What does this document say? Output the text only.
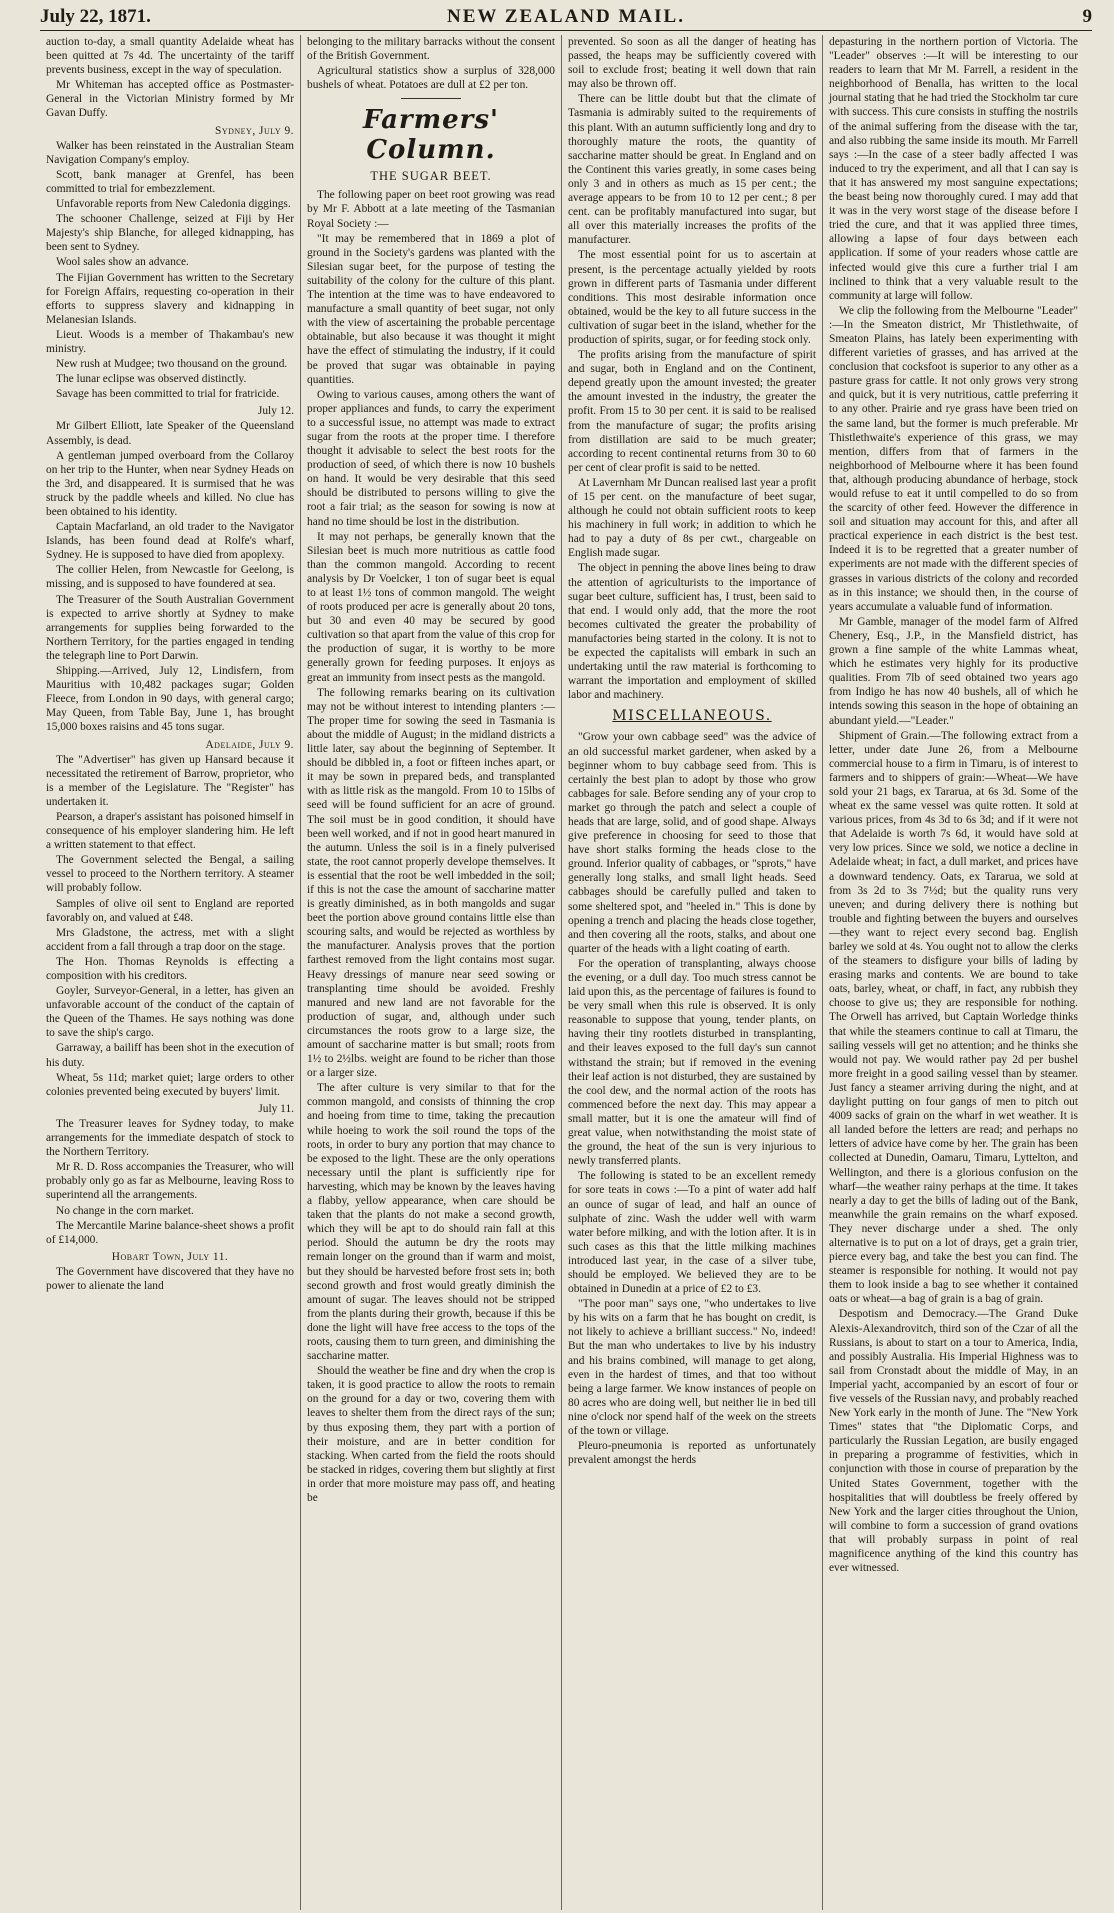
July 22, 1871.	NEW ZEALAND MAIL.	9

auction to-day, a small quantity Adelaide wheat has been quitted at 7s 4d. The uncertainty of the tariff prevents business, except in the way of speculation.

Mr Whiteman has accepted office as Postmaster-General in the Victorian Ministry formed by Mr Gavan Duffy.

Sydney, July 9.

Walker has been reinstated in the Australian Steam Navigation Company's employ.

Scott, bank manager at Grenfel, has been committed to trial for embezzlement.

Unfavorable reports from New Caledonia diggings.

The schooner Challenge, seized at Fiji by Her Majesty's ship Blanche, for alleged kidnapping, has been sent to Sydney.

Wool sales show an advance.

The Fijian Government has written to the Secretary for Foreign Affairs, requesting co-operation in their efforts to suppress slavery and kidnapping in Melanesian Islands.

Lieut. Woods is a member of Thakambau's new ministry.

New rush at Mudgee; two thousand on the ground.

The lunar eclipse was observed distinctly.

Savage has been committed to trial for fratricide.

July 12.

Mr Gilbert Elliott, late Speaker of the Queensland Assembly, is dead.

A gentleman jumped overboard from the Collaroy on her trip to the Hunter, when near Sydney Heads on the 3rd, and disappeared. It is surmised that he was struck by the paddle wheels and killed. No clue has been obtained to his identity.

Captain Macfarland, an old trader to the Navigator Islands, has been found dead at Rolfe's wharf, Sydney. He is supposed to have died from apoplexy.

The collier Helen, from Newcastle for Geelong, is missing, and is supposed to have foundered at sea.

The Treasurer of the South Australian Government is expected to arrive shortly at Sydney to make arrangements for supplies being forwarded to the Northern Territory, for the parties engaged in tending the telegraph line to Port Darwin.

Shipping.—Arrived, July 12, Lindisfern, from Mauritius with 10,482 packages sugar; Golden Fleece, from London in 90 days, with general cargo; May Queen, from Table Bay, June 1, has brought 15,000 boxes raisins and 45 tons sugar.

Adelaide, July 9.

The "Advertiser" has given up Hansard because it necessitated the retirement of Barrow, proprietor, who is a member of the Legislature. The "Register" has undertaken it.

Pearson, a draper's assistant has poisoned himself in consequence of his employer slandering him. He left a written statement to that effect.

The Government selected the Bengal, a sailing vessel to proceed to the Northern territory. A steamer will probably follow.

Samples of olive oil sent to England are reported favorably on, and valued at £48.

Mrs Gladstone, the actress, met with a slight accident from a fall through a trap door on the stage.

The Hon. Thomas Reynolds is effecting a composition with his creditors.

Goyler, Surveyor-General, in a letter, has given an unfavorable account of the conduct of the captain of the Queen of the Thames. He says nothing was done to save the ship's cargo.

Garraway, a bailiff has been shot in the execution of his duty.

Wheat, 5s 11d; market quiet; large orders to other colonies prevented being executed by buyers' limit.

July 11.

The Treasurer leaves for Sydney today, to make arrangements for the immediate despatch of stock to the Northern Territory.

Mr R. D. Ross accompanies the Treasurer, who will probably only go as far as Melbourne, leaving Ross to superintend all the arrangements.

No change in the corn market.

The Mercantile Marine balance-sheet shows a profit of £14,000.

Hobart Town, July 11.

The Government have discovered that they have no power to alienate the land

belonging to the military barracks without the consent of the British Government.

Agricultural statistics show a surplus of 328,000 bushels of wheat. Potatoes are dull at £2 per ton.

Farmers' Column.
THE SUGAR BEET.

The following paper on beet root growing was read by Mr F. Abbott at a late meeting of the Tasmanian Royal Society :—

"It may be remembered that in 1869 a plot of ground in the Society's gardens was planted with the Silesian sugar beet, for the purpose of testing the suitability of the colony for the culture of this plant. The intention at the time was to have endeavored to manufacture a small quantity of beet sugar, not only with the view of ascertaining the probable percentage obtainable, but also because it was thought it might have the effect of stimulating the industry, if it could be proved that sugar was obtainable in paying quantities.

Owing to various causes, among others the want of proper appliances and funds, to carry the experiment to a successful issue, no attempt was made to extract sugar from the roots at the proper time. I therefore thought it advisable to select the best roots for the production of seed, of which there is now 10 bushels on hand. It would be very desirable that this seed should be distributed to persons willing to give the root a fair trial; as the season for sowing is now at hand no time should be lost in the distribution.

It may not perhaps, be generally known that the Silesian beet is much more nutritious as cattle food than the common mangold. According to recent analysis by Dr Voelcker, 1 ton of sugar beet is equal to at least 1½ tons of common mangold. The weight of roots produced per acre is generally about 20 tons, but 30 and even 40 may be secured by good cultivation so that apart from the value of this crop for the production of sugar, it is worthy to be more generally grown for feeding purposes. It enjoys as great an immunity from insect pests as the mangold.

The following remarks bearing on its cultivation may not be without interest to intending planters :—The proper time for sowing the seed in Tasmania is about the middle of August; in the midland districts a little later, say about the beginning of September. It should be dibbled in, a foot or fifteen inches apart, or it may be sown in prepared beds, and transplanted with as little risk as the mangold. From 10 to 15lbs of seed will be found sufficient for an acre of ground. The soil must be in good condition, it should have been well worked, and if not in good heart manured in the autumn. Unless the soil is in a finely pulverised state, the root cannot properly develope themselves. It is essential that the root be well imbedded in the soil; if this is not the case the amount of saccharine matter is greatly diminished, as in both mangolds and sugar beet the portion above ground contains little else than scouring salts, and would be rejected as worthless by the manufacturer. Analysis proves that the portion farthest removed from the light contains most sugar. Heavy dressings of manure near seed sowing or transplanting time should be avoided. Freshly manured and new land are not favorable for the production of sugar, and, although under such circumstances the roots grow to a large size, the amount of saccharine matter is but small; roots from 1½ to 2½lbs. weight are found to be richer than those or a larger size.

The after culture is very similar to that for the common mangold, and consists of thinning the crop and hoeing from time to time, taking the precaution while hoeing to work the soil round the tops of the roots, in order to bury any portion that may chance to be exposed to the light. These are the only operations necessary until the plant is sufficiently ripe for harvesting, which may be known by the leaves having a flabby, yellow appearance, when care should be taken that the plants do not make a second growth, which they will be apt to do should rain fall at this period. Should the autumn be dry the roots may remain longer on the ground than if warm and moist, but they should be harvested before frost sets in; both second growth and frost would greatly diminish the amount of sugar. The leaves should not be stripped from the plants during their growth, because if this be done the light will have free access to the tops of the roots, causing them to turn green, and diminishing the saccharine matter.

Should the weather be fine and dry when the crop is taken, it is good practice to allow the roots to remain on the ground for a day or two, covering them with leaves to shelter them from the direct rays of the sun; by thus exposing them, they part with a portion of their moisture, and are in better condition for stacking. When carted from the field the roots should be stacked in ridges, covering them but slightly at first in order that more moisture may pass off, and heating be

prevented. So soon as all the danger of heating has passed, the heaps may be sufficiently covered with soil to exclude frost; beating it well down that rain may also be thrown off.

There can be little doubt but that the climate of Tasmania is admirably suited to the requirements of this plant. With an autumn sufficiently long and dry to thoroughly mature the roots, the quantity of saccharine matter should be great. In England and on the Continent this varies greatly, in some cases being only 3 and in others as much as 15 per cent.; the average appears to be from 10 to 12 per cent.; 8 per cent. can be profitably manufactured into sugar, but all over this materially increases the profits of the manufacturer.

The most essential point for us to ascertain at present, is the percentage actually yielded by roots grown in different parts of Tasmania under different conditions. This most desirable information once obtained, would be the key to all future success in the cultivation of sugar beet in the island, whether for the production of spirits, sugar, or for feeding stock only.

The profits arising from the manufacture of spirit and sugar, both in England and on the Continent, depend greatly upon the amount invested; the greater the amount invested in the industry, the greater the profit. From 15 to 30 per cent. it is said to be realised from the manufacture of sugar; the profits arising from distillation are said to be much greater; according to recent continental returns from 30 to 60 per cent of clear profit is said to be netted.

At Lavernham Mr Duncan realised last year a profit of 15 per cent. on the manufacture of beet sugar, although he could not obtain sufficient roots to keep his machinery in full work; in addition to which he had to pay a duty of 8s per cwt., chargeable on English made sugar.

The object in penning the above lines being to draw the attention of agriculturists to the importance of sugar beet culture, sufficient has, I trust, been said to that end. I would only add, that the more the root becomes cultivated the greater the probability of manufactories being started in the colony. It is not to be expected the capitalists will embark in such an undertaking until the raw material is forthcoming to warrant the importation and employment of skilled labor and machinery.

MISCELLANEOUS.

"Grow your own cabbage seed" was the advice of an old successful market gardener, when asked by a beginner whom to buy cabbage seed from. This is certainly the best plan to adopt by those who grow cabbages for sale. Before sending any of your crop to market go through the patch and select a couple of heads that are large, solid, and of good shape. Always give preference in choosing for seed to those that have short stalks forming the heads close to the ground. Inferior quality of cabbages, or "sprots," have generally long stalks, and small light heads. Seed cabbages should be carefully pulled and taken to some sheltered spot, and "heeled in." This is done by opening a trench and placing the heads close together, and then covering all the roots, stalks, and about one quarter of the heads with a light coating of earth.

For the operation of transplanting, always choose the evening, or a dull day. Too much stress cannot be laid upon this, as the percentage of failures is found to be very small when this rule is observed. It is only reasonable to suppose that young, tender plants, on having their tiny rootlets disturbed in transplanting, and their leaves exposed to the full day's sun cannot withstand the strain; but if removed in the evening their leaf action is not disturbed, they are sustained by the cool dew, and the normal action of the roots has commenced before the next day. This may appear a small matter, but it is one the amateur will find of great value, when notwithstanding the moist state of the ground, the heat of the sun is very injurious to newly transferred plants.

The following is stated to be an excellent remedy for sore teats in cows :—To a pint of water add half an ounce of sugar of lead, and half an ounce of sulphate of zinc. Wash the udder well with warm water before milking, and with the lotion after. It is in such cases as this that the little milking machines introduced last year, in the case of a silver tube, should be employed. We believed they are to be obtained in Dunedin at a price of £2 to £3.

"The poor man" says one, "who undertakes to live by his wits on a farm that he has bought on credit, is not likely to achieve a brilliant success." No, indeed! But the man who undertakes to live by his industry and his brains combined, will manage to get along, even in the hardest of times, and that too without being a large farmer. We know instances of people on 80 acres who are doing well, but neither lie in bed till nine o'clock nor spend half of the week on the streets of the town or village.

Pleuro-pneumonia is reported as unfortunately prevalent amongst the herds

depasturing in the northern portion of Victoria. The "Leader" observes :—It will be interesting to our readers to learn that Mr M. Farrell, a resident in the neighborhood of Benalla, has written to the local journal stating that he had tried the Stockholm tar cure with success. This cure consists in stuffing the nostrils of the animal suffering from the disease with the tar, and also rubbing the same inside its mouth. Mr Farrell says :—In the case of a steer badly affected I was induced to try the experiment, and all that I can say is that it has answered my most sanguine expectations; the beast being now thoroughly cured. I may add that it was in the very worst stage of the disease before I tried the cure, and that it was applied three times, allowing a lapse of four days between each application. If some of your readers whose cattle are infected would give this cure a further trial I am inclined to think that a very valuable result to the community at large will follow.

We clip the following from the Melbourne "Leader" :—In the Smeaton district, Mr Thistlethwaite, of Smeaton Plains, has lately been experimenting with different varieties of grasses, and has arrived at the conclusion that cocksfoot is superior to any other as a pasture grass for cattle. It not only grows very strong and quick, but it is very nutritious, cattle preferring it to any other. Prairie and rye grass have been tried on the same land, but the former is much preferable. Mr Thistlethwaite's experience of this grass, we may mention, differs from that of farmers in the neighborhood of Melbourne where it has been found that, although producing abundance of herbage, stock would refuse to eat it until compelled to do so from the scarcity of other feed. However the difference in soil and situation may account for this, and after all practical experience in each district is the best test. Indeed it is to be regretted that a greater number of experiments are not made with the different species of grasses in various districts of the colony and recorded as in this instance; we should then, in the course of years accumulate a valuable fund of information.

Mr Gamble, manager of the model farm of Alfred Chenery, Esq., J.P., in the Mansfield district, has grown a fine sample of the white Lammas wheat, which he estimates very highly for its productive qualities. From 7lb of seed obtained two years ago from Indigo he has now 40 bushels, all of which he intends sowing this season in the hope of obtaining an abundant yield.—"Leader."

Shipment of Grain.—The following extract from a letter, under date June 26, from a Melbourne commercial house to a firm in Timaru, is of interest to farmers and to shippers of grain:—Wheat—We have sold your 21 bags, ex Tararua, at 6s 3d. Some of the wheat ex the same vessel was quite rotten. It sold at various prices, from 4s 3d to 6s 3d; and if it were not that Adelaide is worth 7s 6d, it would have sold at very low prices. Since we sold, we notice a decline in Adelaide wheat; in fact, a dull market, and prices have a downward tendency. Oats, ex Tararua, we sold at from 3s 2d to 3s 7½d; but the quality runs very uneven; and during delivery there is nothing but trouble and fighting between the buyers and ourselves—they want to reject every second bag. English barley we sold at 4s. You ought not to allow the clerks of the steamers to disfigure your bills of lading by erasing marks and contents. We are bound to take oats, barley, wheat, or chaff, in fact, any rubbish they choose to give us; they are responsible for nothing. The Orwell has arrived, but Captain Worledge thinks that while the steamers continue to call at Timaru, the sailing vessels will get no attention; and he thinks she would not pay. We would rather pay 2d per bushel more freight in a good sailing vessel than by steamer. Just fancy a steamer arriving during the night, and at daylight putting on four gangs of men to pitch out 4009 sacks of grain on the wharf in wet weather. It is all landed before the letters are read; and perhaps no letters of advice have come by her. The grain has been collected at Dunedin, Oamaru, Timaru, Lyttelton, and Wellington, and there is a glorious confusion on the wharf—the weather rainy perhaps at the time. It takes nearly a day to get the bills of lading out of the Bank, meanwhile the grain remains on the wharf exposed. They never discharge under a shed. The only alternative is to put on a lot of drays, get a grain trier, pierce every bag, and take the best you can find. The steamer is responsible for nothing. It would not pay them to look inside a bag to see whether it contained oats or wheat—a bag of grain is a bag of grain.

Despotism and Democracy.—The Grand Duke Alexis-Alexandrovitch, third son of the Czar of all the Russians, is about to start on a tour to America, India, and possibly Australia. His Imperial Highness was to sail from Cronstadt about the middle of May, in an Imperial yacht, accompanied by an escort of four or five vessels of the Russian navy, and probably reached New York early in the month of June. The "New York Times" states that "the Diplomatic Corps, and particularly the Russian Legation, are busily engaged in preparing a programme of festivities, which in conjunction with those in course of preparation by the United States Government, together with the hospitalities that will doubtless be freely offered by New York and the larger cities throughout the Union, will combine to form a succession of grand ovations that will probably surpass in point of real magnificence anything of the kind this country has ever witnessed.
